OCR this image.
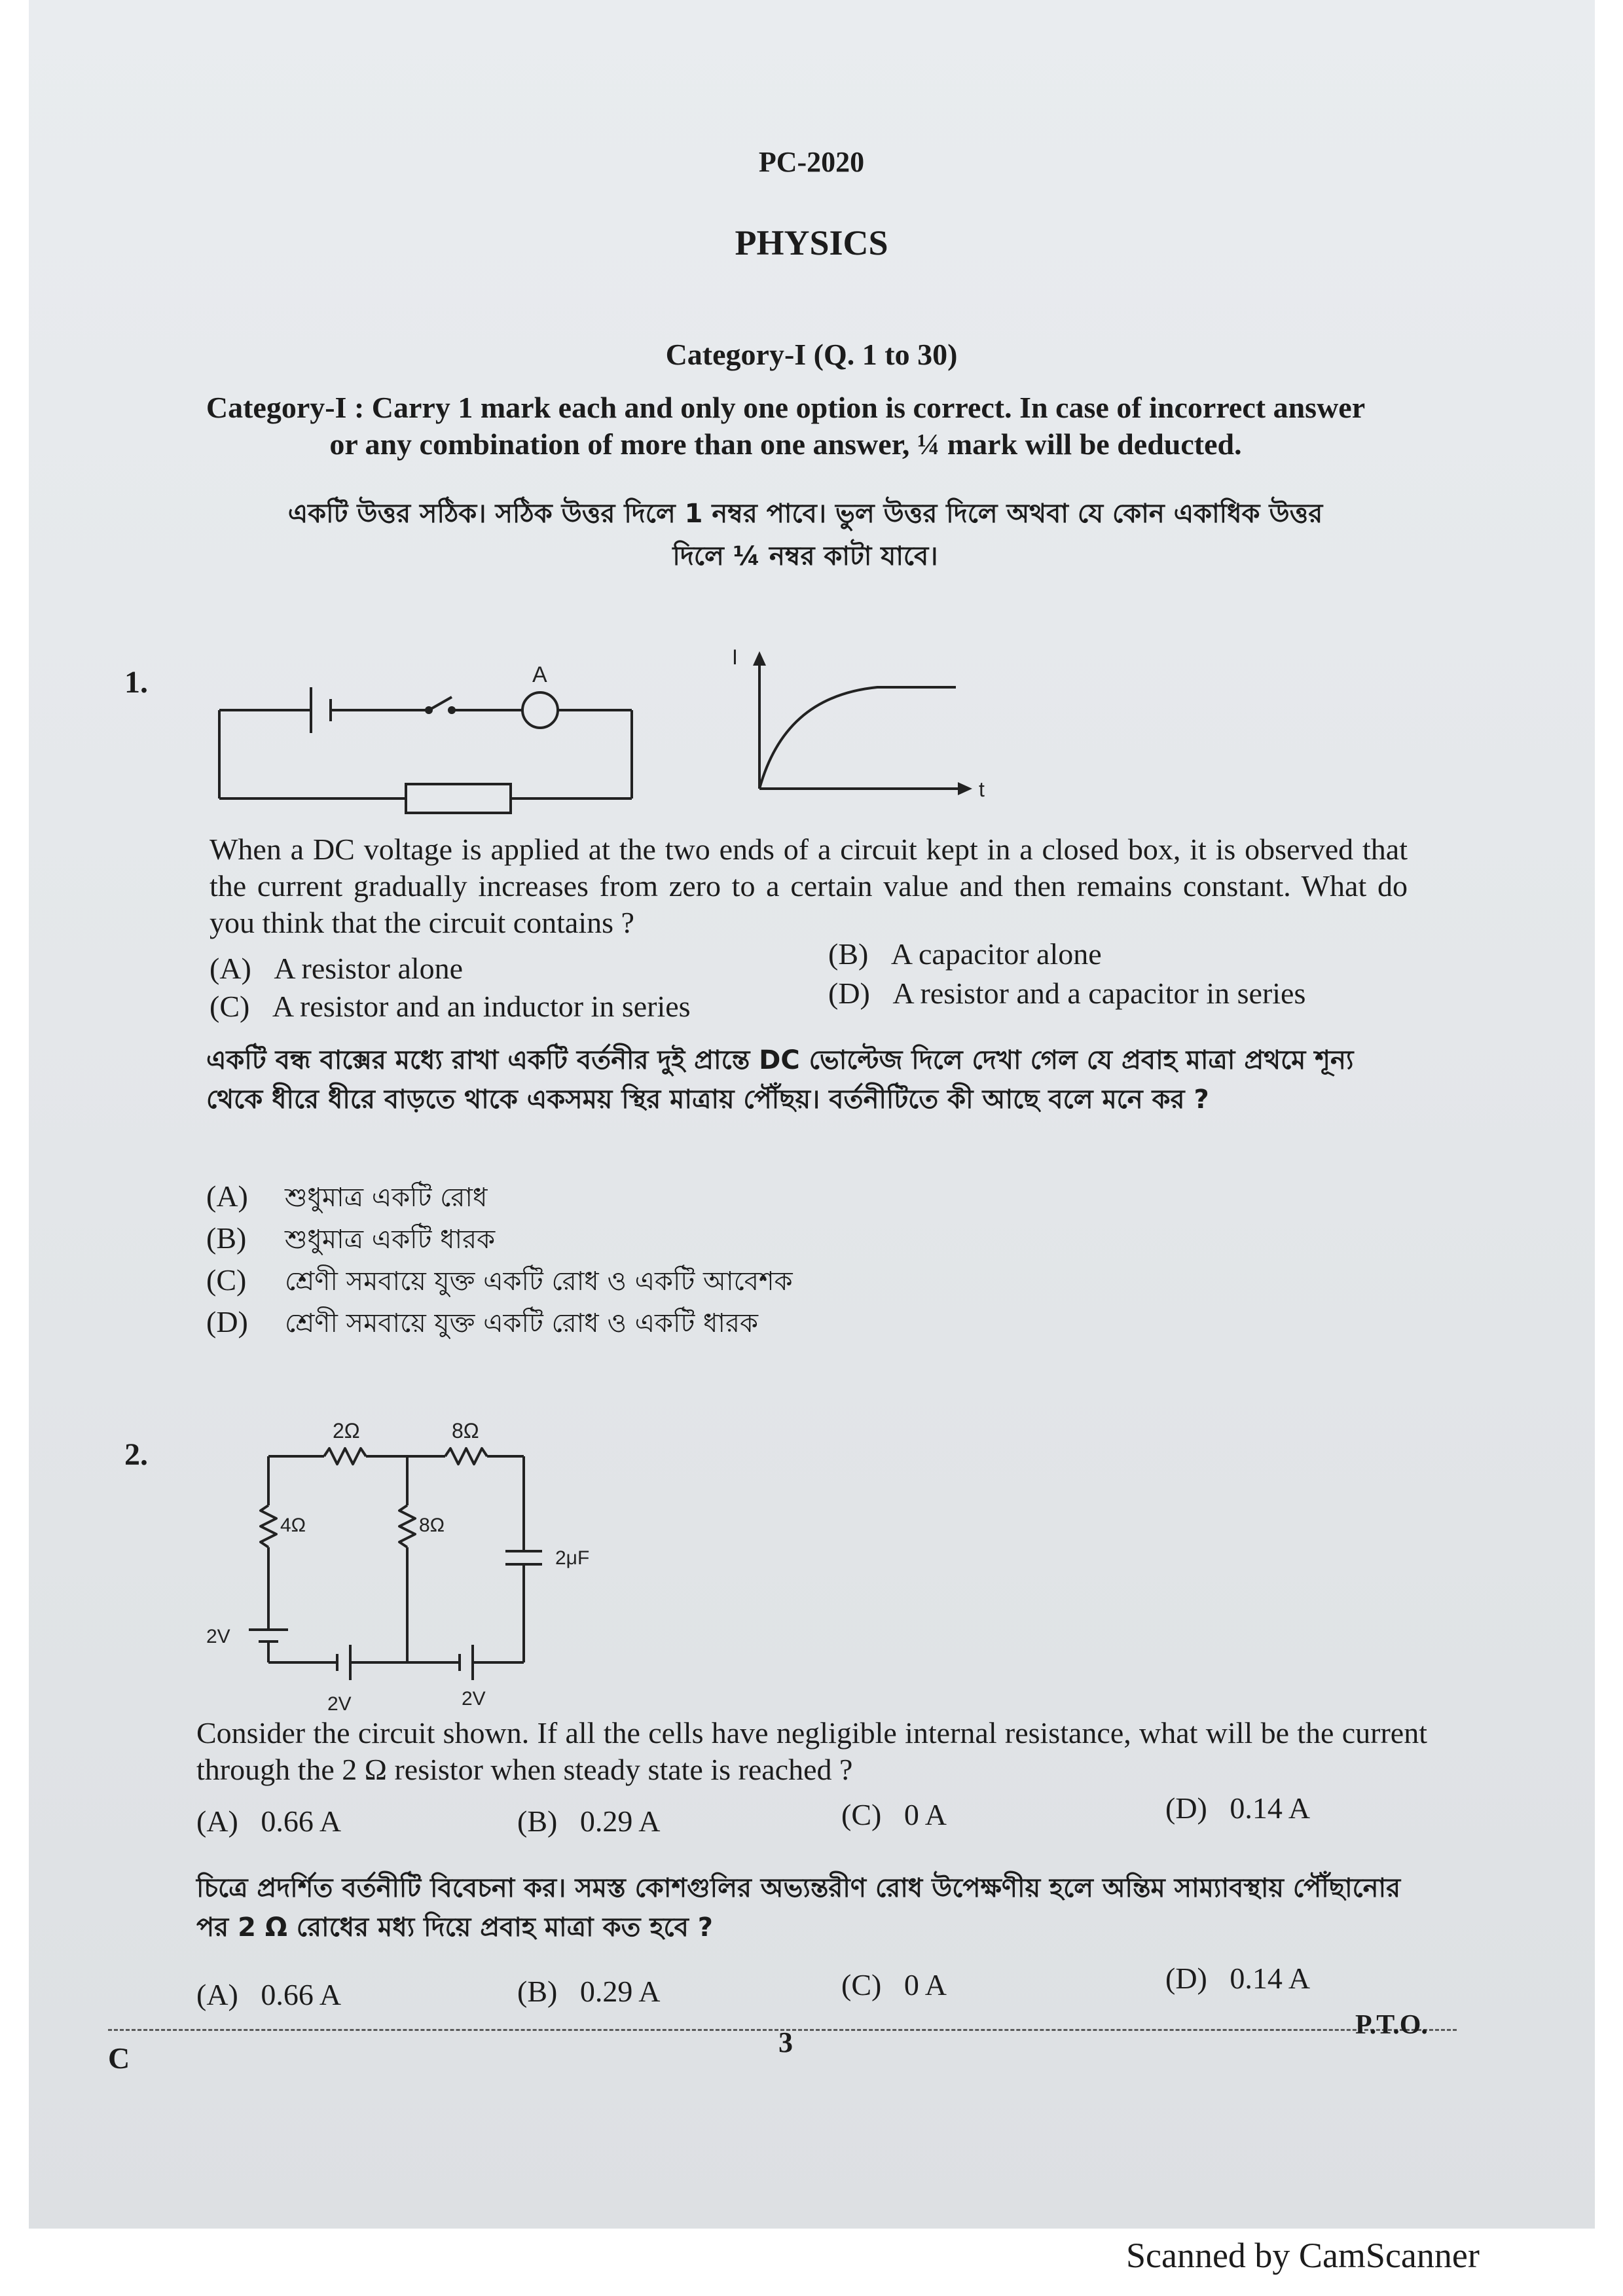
PC-2020
PHYSICS
Category-I (Q. 1 to 30)
Category-I : Carry 1 mark each and only one option is correct. In case of incorrect answer or any combination of more than one answer, ¼ mark will be deducted.
একটি উত্তর সঠিক। সঠিক উত্তর দিলে 1 নম্বর পাবে। ভুল উত্তর দিলে অথবা যে কোন একাধিক উত্তর
দিলে ¼ নম্বর কাটা যাবে।
1.	A
I
t
When a DC voltage is applied at the two ends of a circuit kept in a closed box, it is observed that the current gradually increases from zero to a certain value and then remains constant. What do you think that the circuit contains ?
(A) A resistor alone	(B) A capacitor alone
(C) A resistor and an inductor in series	(D) A resistor and a capacitor in series
একটি বন্ধ বাক্সের মধ্যে রাখা একটি বর্তনীর দুই প্রান্তে DC ভোল্টেজ দিলে দেখা গেল যে প্রবাহ মাত্রা প্রথমে শূন্য থেকে ধীরে ধীরে বাড়তে থাকে একসময় স্থির মাত্রায় পৌঁছয়। বর্তনীটিতে কী আছে বলে মনে কর ?
(A) শুধুমাত্র একটি রোধ
(B) শুধুমাত্র একটি ধারক
(C) শ্রেণী সমবায়ে যুক্ত একটি রোধ ও একটি আবেশক
(D) শ্রেণী সমবায়ে যুক্ত একটি রোধ ও একটি ধারক
2.
2Ω	8Ω
4Ω	8Ω
2μF
2V
2V	2V
Consider the circuit shown. If all the cells have negligible internal resistance, what will be the current through the 2 Ω resistor when steady state is reached ?
(A) 0.66 A	(B) 0.29 A	(C) 0 A	(D) 0.14 A
চিত্রে প্রদর্শিত বর্তনীটি বিবেচনা কর। সমস্ত কোশগুলির অভ্যন্তরীণ রোধ উপেক্ষণীয় হলে অন্তিম সাম্যাবস্থায় পৌঁছানোর পর 2 Ω রোধের মধ্য দিয়ে প্রবাহ মাত্রা কত হবে ?
(A) 0.66 A	(B) 0.29 A	(C) 0 A	(D) 0.14 A
C	3
P.T.O.
Scanned by CamScanner
